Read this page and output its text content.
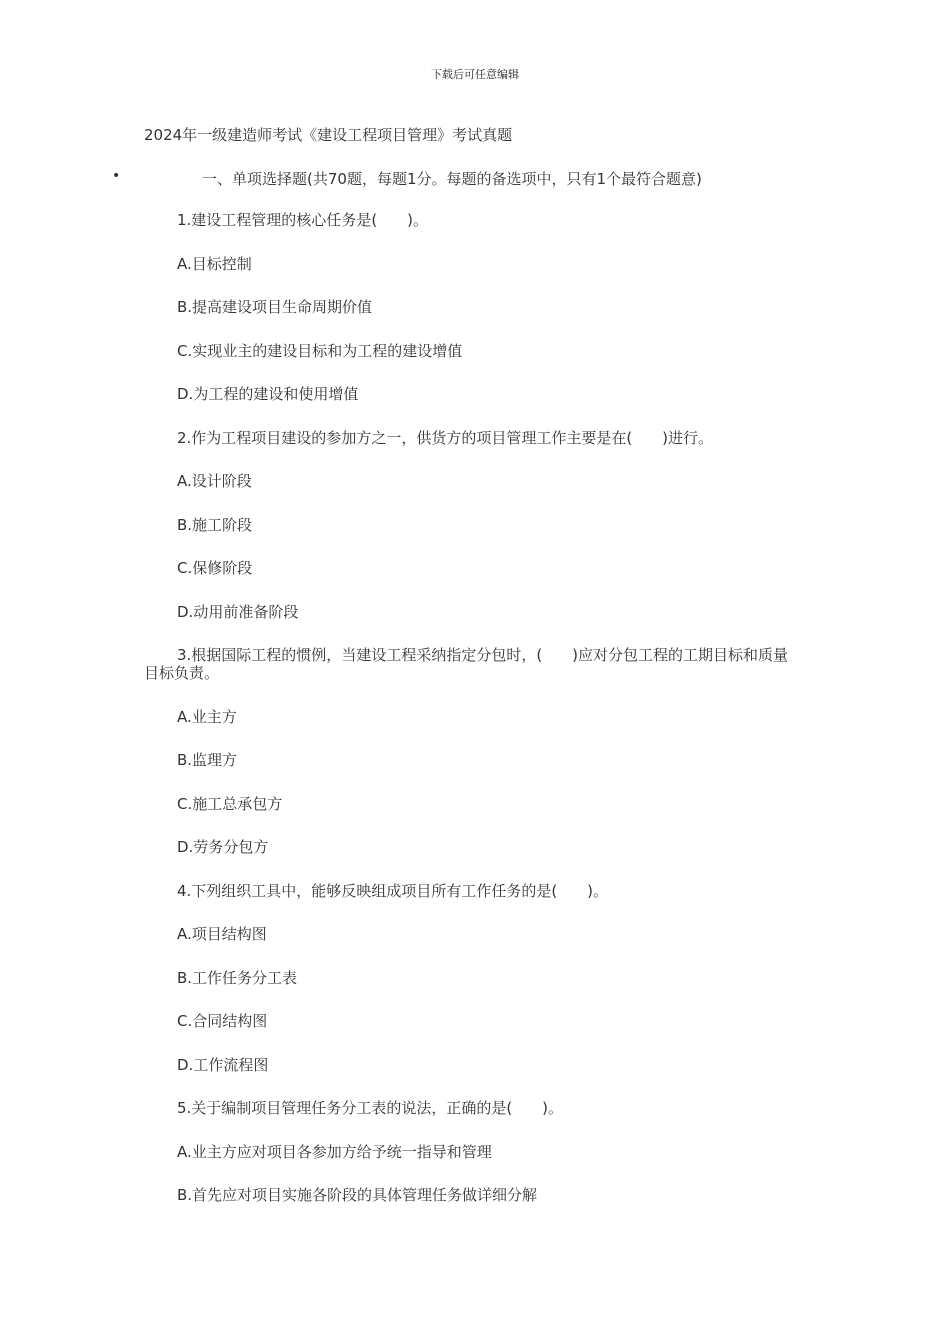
下载后可任意编辑
2024年一级建造师考试《建设工程项目管理》考试真题
•	一、单项选择题(共70题，每题1分。每题的备选项中，只有1个最符合题意)

1.建设工程管理的核心任务是(　　)。

A.目标控制

B.提高建设项目生命周期价值

C.实现业主的建设目标和为工程的建设增值

D.为工程的建设和使用增值

2.作为工程项目建设的参加方之一，供货方的项目管理工作主要是在(　　)进行。

A.设计阶段

B.施工阶段

C.保修阶段

D.动用前准备阶段

3.根据国际工程的惯例，当建设工程采纳指定分包时，(　　)应对分包工程的工期目标和质量目标负责。

A.业主方

B.监理方

C.施工总承包方

D.劳务分包方

4.下列组织工具中，能够反映组成项目所有工作任务的是(　　)。

A.项目结构图

B.工作任务分工表

C.合同结构图

D.工作流程图

5.关于编制项目管理任务分工表的说法，正确的是(　　)。

A.业主方应对项目各参加方给予统一指导和管理

B.首先应对项目实施各阶段的具体管理任务做详细分解
